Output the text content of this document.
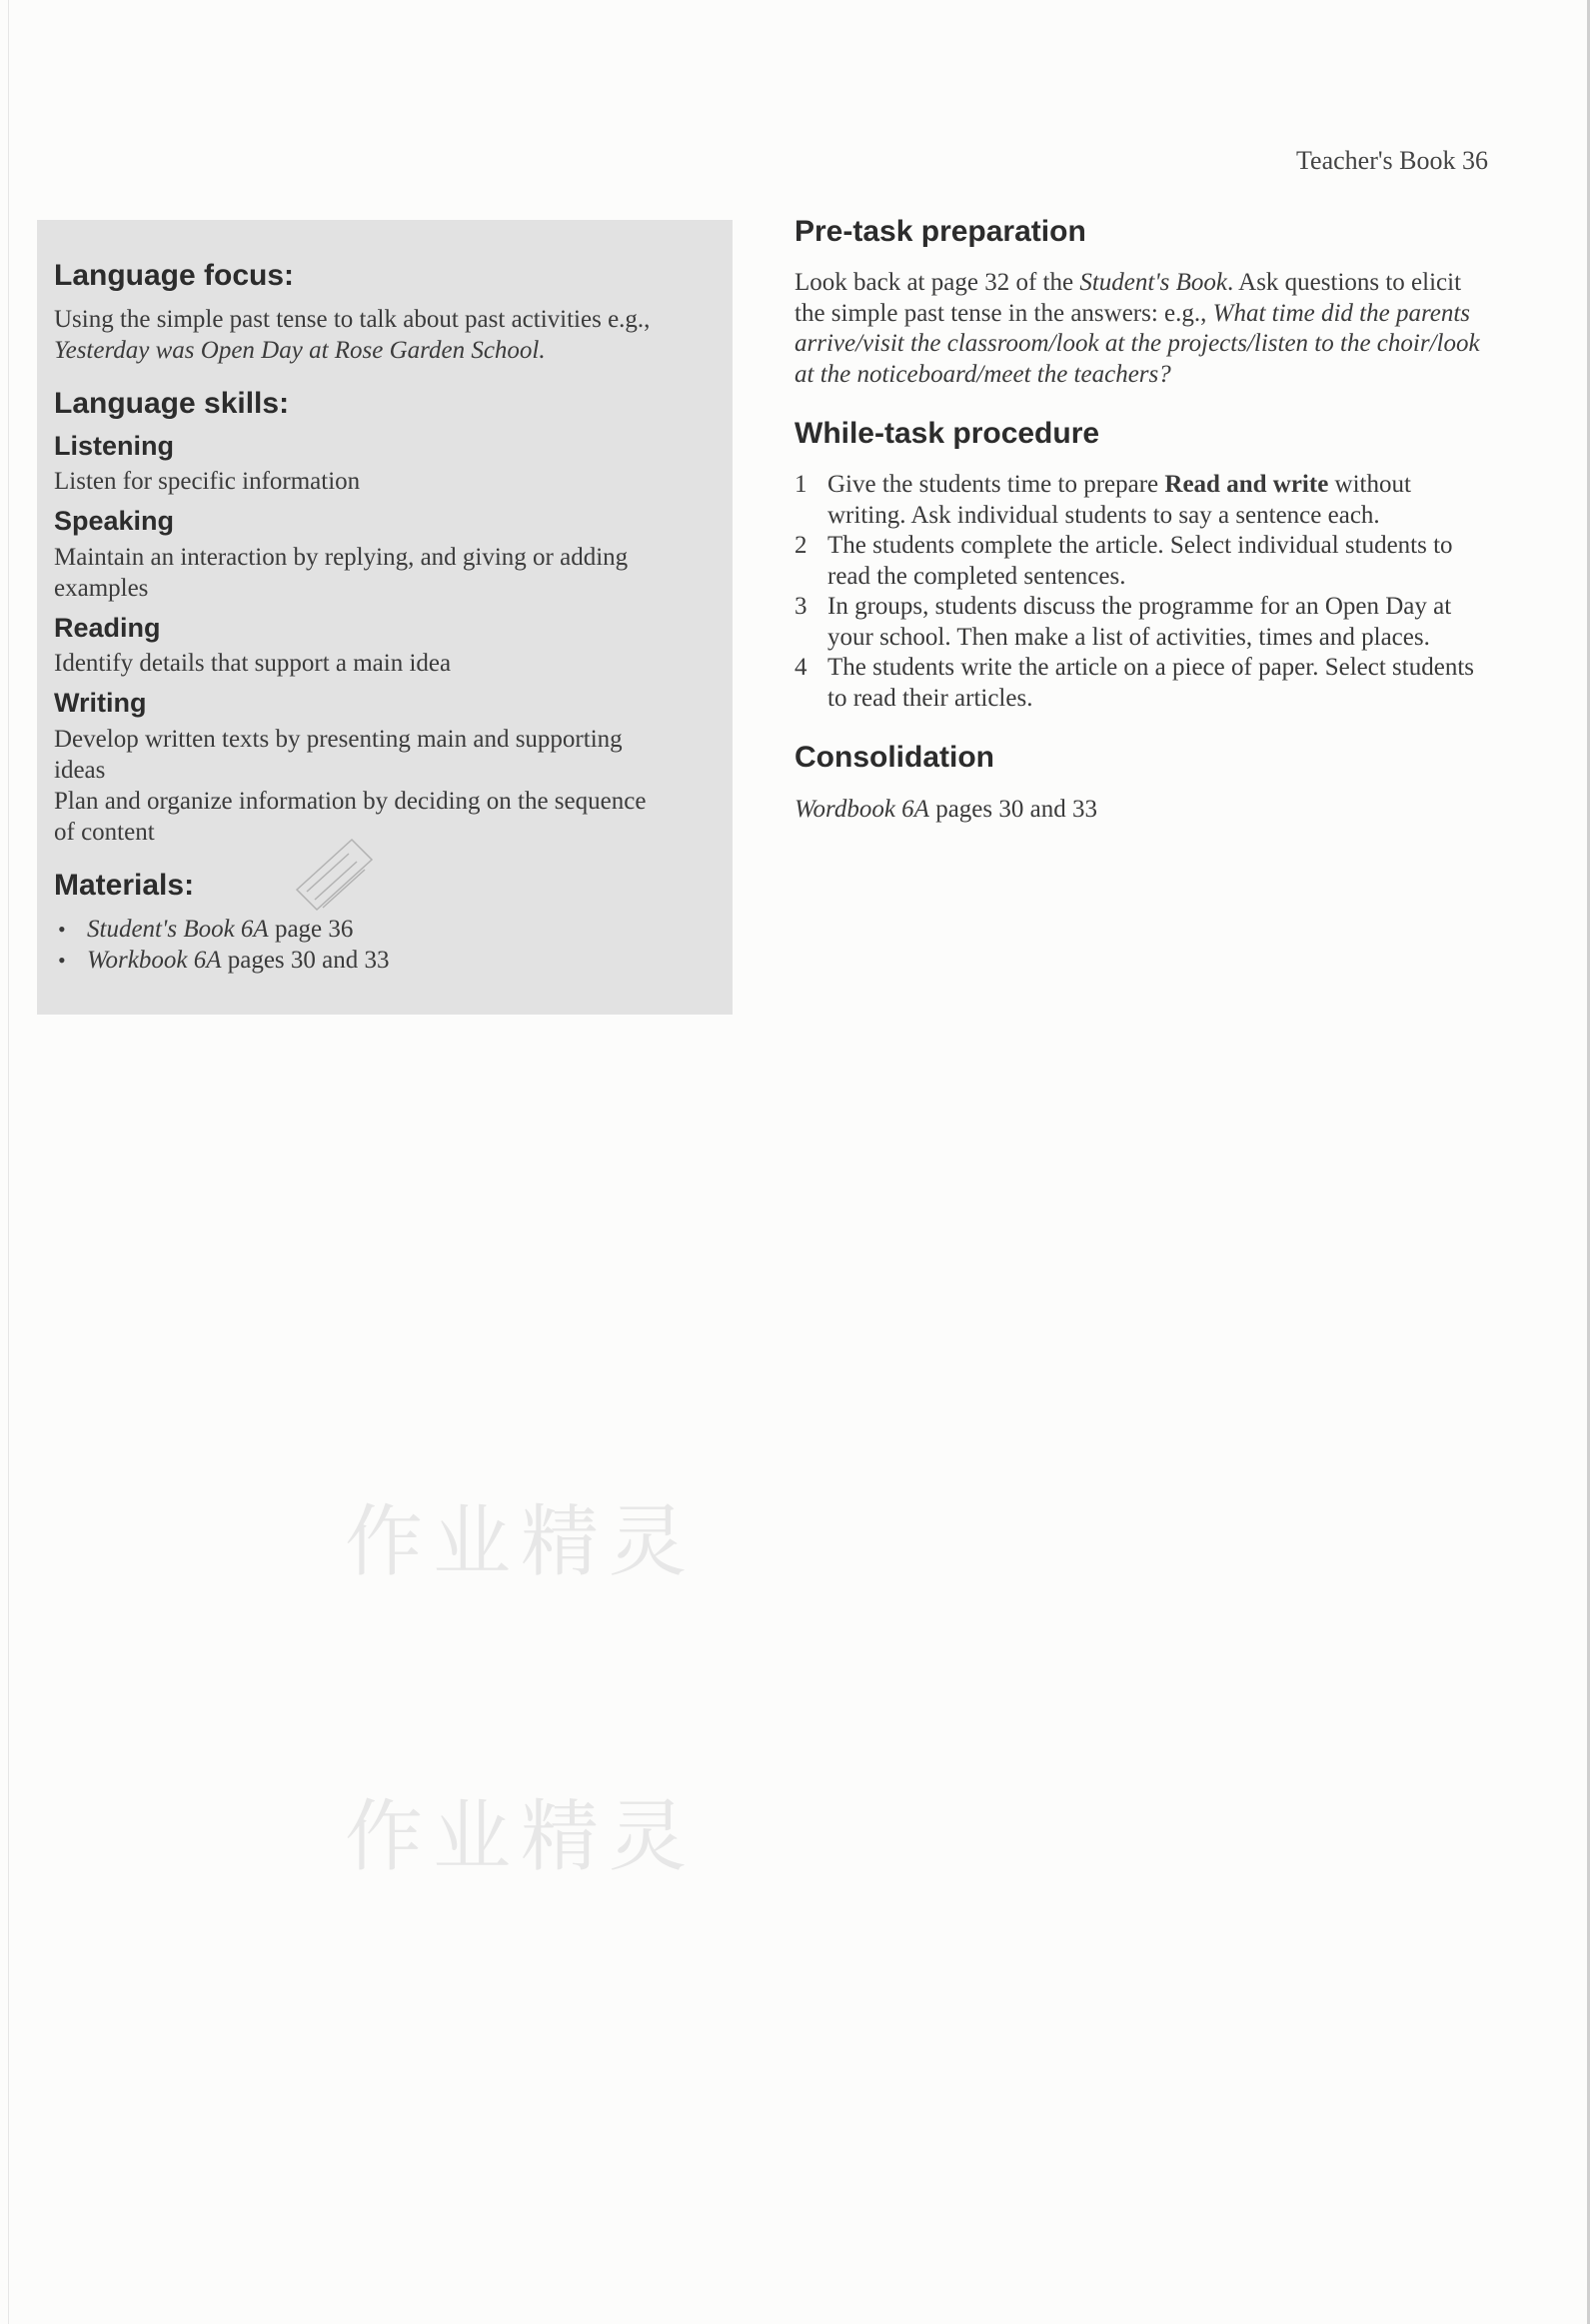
Teacher's Book 36
Language focus:
Using the simple past tense to talk about past activities e.g., Yesterday was Open Day at Rose Garden School.
Language skills:
Listening
Listen for specific information
Speaking
Maintain an interaction by replying, and giving or adding examples
Reading
Identify details that support a main idea
Writing
Develop written texts by presenting main and supporting ideas
Plan and organize information by deciding on the sequence of content
Materials:
• Student's Book 6A page 36
• Workbook 6A pages 30 and 33
Pre-task preparation
Look back at page 32 of the Student's Book. Ask questions to elicit the simple past tense in the answers: e.g., What time did the parents arrive/visit the classroom/look at the projects/listen to the choir/look at the noticeboard/meet the teachers?
While-task procedure
1 Give the students time to prepare Read and write without writing. Ask individual students to say a sentence each.
2 The students complete the article. Select individual students to read the completed sentences.
3 In groups, students discuss the programme for an Open Day at your school. Then make a list of activities, times and places.
4 The students write the article on a piece of paper. Select students to read their articles.
Consolidation
Wordbook 6A pages 30 and 33
作业精灵
作业精灵
